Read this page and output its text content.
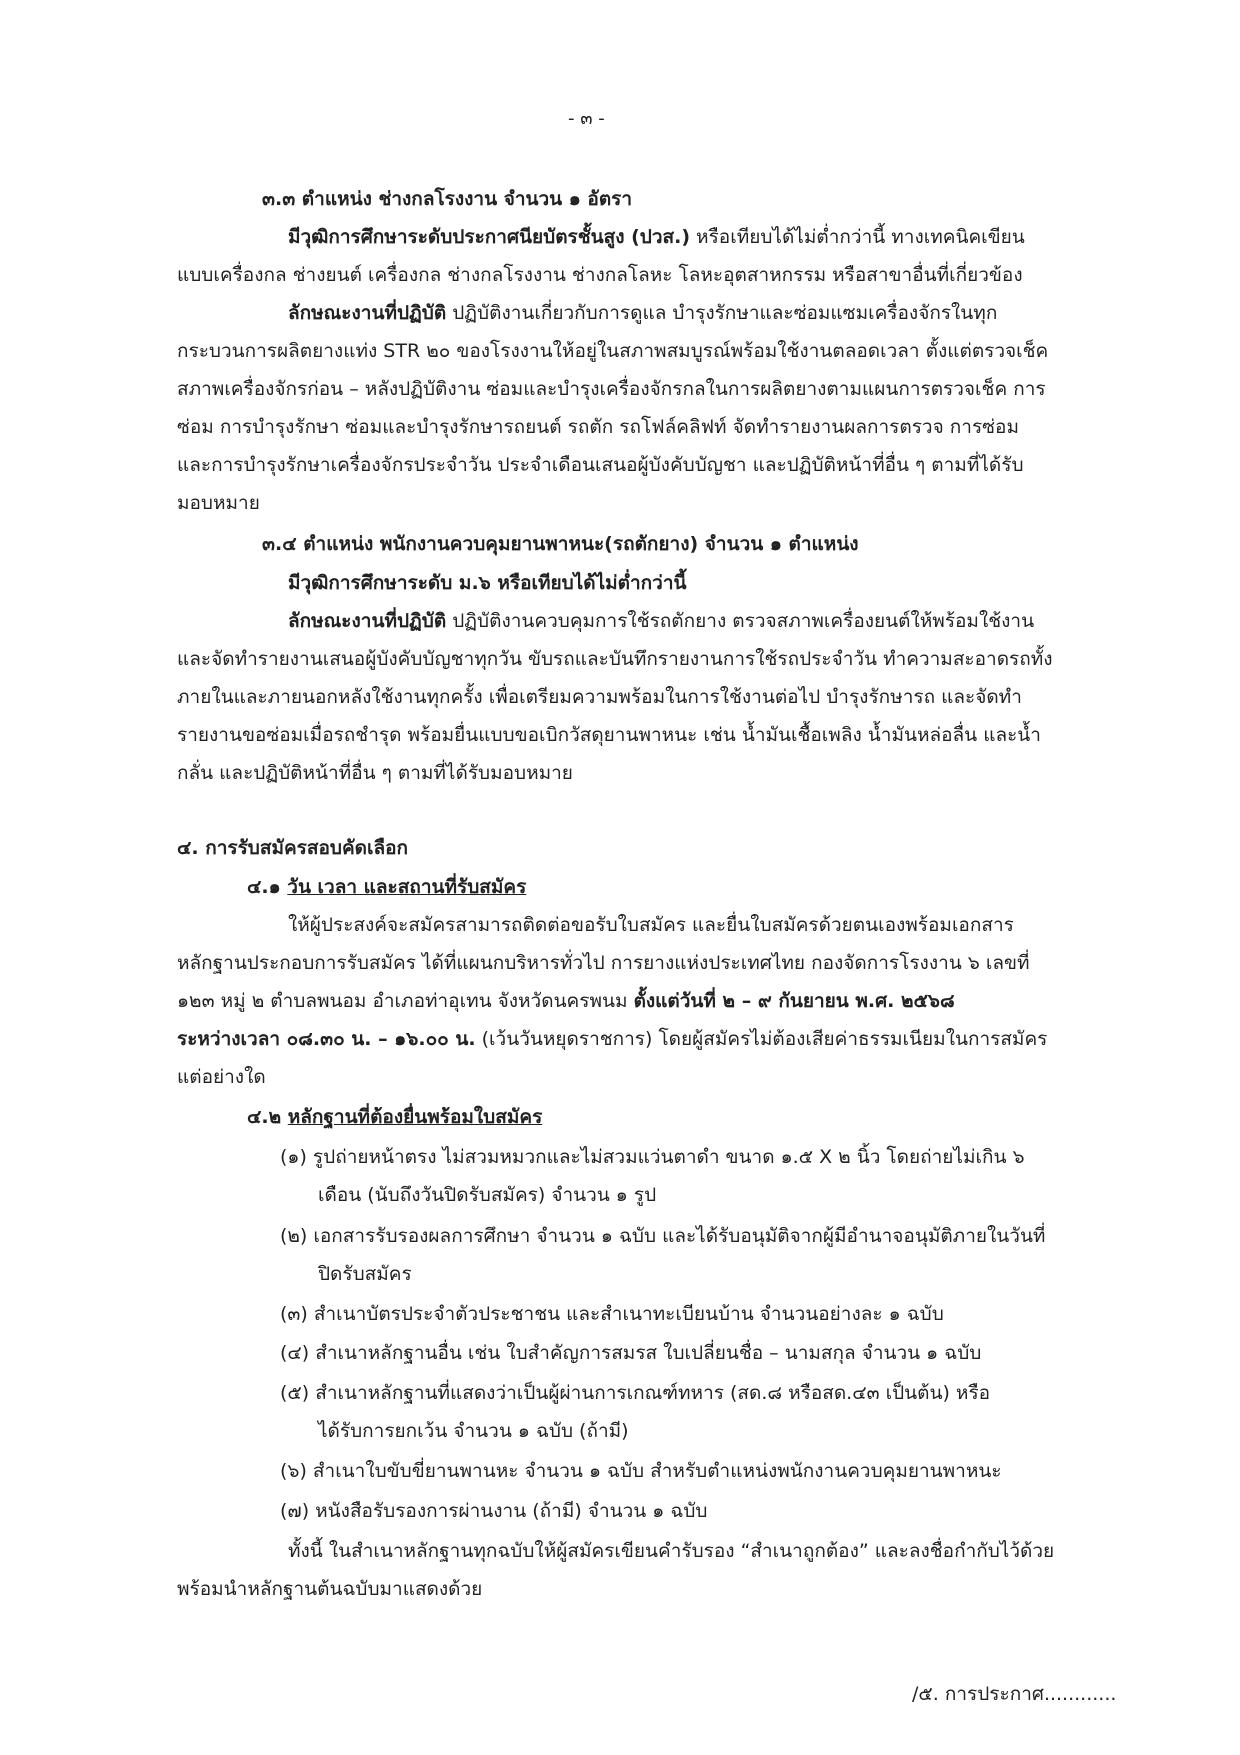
- ๓ -
๓.๓ ตำแหน่ง ช่างกลโรงงาน จำนวน ๑ อัตรา
มีวุฒิการศึกษาระดับประกาศนียบัตรชั้นสูง (ปวส.) หรือเทียบได้ไม่ต่ำกว่านี้ ทางเทคนิคเขียน
แบบเครื่องกล ช่างยนต์ เครื่องกล ช่างกลโรงงาน ช่างกลโลหะ โลหะอุตสาหกรรม หรือสาขาอื่นที่เกี่ยวข้อง
ลักษณะงานที่ปฏิบัติ ปฏิบัติงานเกี่ยวกับการดูแล บำรุงรักษาและซ่อมแซมเครื่องจักรในทุก
กระบวนการผลิตยางแท่ง STR ๒๐ ของโรงงานให้อยู่ในสภาพสมบูรณ์พร้อมใช้งานตลอดเวลา ตั้งแต่ตรวจเช็ค
สภาพเครื่องจักรก่อน – หลังปฏิบัติงาน ซ่อมและบำรุงเครื่องจักรกลในการผลิตยางตามแผนการตรวจเช็ค การ
ซ่อม การบำรุงรักษา ซ่อมและบำรุงรักษารถยนต์ รถตัก รถโฟล์คลิฟท์ จัดทำรายงานผลการตรวจ การซ่อม
และการบำรุงรักษาเครื่องจักรประจำวัน ประจำเดือนเสนอผู้บังคับบัญชา และปฏิบัติหน้าที่อื่น ๆ ตามที่ได้รับ
มอบหมาย
๓.๔ ตำแหน่ง พนักงานควบคุมยานพาหนะ(รถตักยาง) จำนวน ๑ ตำแหน่ง
มีวุฒิการศึกษาระดับ ม.๖ หรือเทียบได้ไม่ต่ำกว่านี้
ลักษณะงานที่ปฏิบัติ ปฏิบัติงานควบคุมการใช้รถตักยาง ตรวจสภาพเครื่องยนต์ให้พร้อมใช้งาน
และจัดทำรายงานเสนอผู้บังคับบัญชาทุกวัน ขับรถและบันทึกรายงานการใช้รถประจำวัน ทำความสะอาดรถทั้ง
ภายในและภายนอกหลังใช้งานทุกครั้ง เพื่อเตรียมความพร้อมในการใช้งานต่อไป บำรุงรักษารถ และจัดทำ
รายงานขอซ่อมเมื่อรถชำรุด พร้อมยื่นแบบขอเบิกวัสดุยานพาหนะ เช่น น้ำมันเชื้อเพลิง น้ำมันหล่อลื่น และน้ำ
กลั่น และปฏิบัติหน้าที่อื่น ๆ ตามที่ได้รับมอบหมาย
๔. การรับสมัครสอบคัดเลือก
๔.๑ วัน เวลา และสถานที่รับสมัคร
ให้ผู้ประสงค์จะสมัครสามารถติดต่อขอรับใบสมัคร และยื่นใบสมัครด้วยตนเองพร้อมเอกสาร
หลักฐานประกอบการรับสมัคร ได้ที่แผนกบริหารทั่วไป การยางแห่งประเทศไทย กองจัดการโรงงาน ๖ เลขที่
๑๒๓ หมู่ ๒ ตำบลพนอม อำเภอท่าอุเทน จังหวัดนครพนม ตั้งแต่วันที่ ๒ – ๙ กันยายน พ.ศ. ๒๕๖๘
ระหว่างเวลา ๐๘.๓๐ น. – ๑๖.๐๐ น. (เว้นวันหยุดราชการ) โดยผู้สมัครไม่ต้องเสียค่าธรรมเนียมในการสมัคร
แต่อย่างใด
๔.๒ หลักฐานที่ต้องยื่นพร้อมใบสมัคร
(๑) รูปถ่ายหน้าตรง ไม่สวมหมวกและไม่สวมแว่นตาดำ ขนาด ๑.๕ X ๒ นิ้ว โดยถ่ายไม่เกิน ๖
เดือน (นับถึงวันปิดรับสมัคร) จำนวน ๑ รูป
(๒) เอกสารรับรองผลการศึกษา จำนวน ๑ ฉบับ และได้รับอนุมัติจากผู้มีอำนาจอนุมัติภายในวันที่
ปิดรับสมัคร
(๓) สำเนาบัตรประจำตัวประชาชน และสำเนาทะเบียนบ้าน จำนวนอย่างละ ๑ ฉบับ
(๔) สำเนาหลักฐานอื่น เช่น ใบสำคัญการสมรส ใบเปลี่ยนชื่อ – นามสกุล จำนวน ๑ ฉบับ
(๕) สำเนาหลักฐานที่แสดงว่าเป็นผู้ผ่านการเกณฑ์ทหาร (สด.๘ หรือสด.๔๓ เป็นต้น) หรือ
ได้รับการยกเว้น จำนวน ๑ ฉบับ (ถ้ามี)
(๖) สำเนาใบขับขี่ยานพานหะ จำนวน ๑ ฉบับ สำหรับตำแหน่งพนักงานควบคุมยานพาหนะ
(๗) หนังสือรับรองการผ่านงาน (ถ้ามี) จำนวน ๑ ฉบับ
ทั้งนี้ ในสำเนาหลักฐานทุกฉบับให้ผู้สมัครเขียนคำรับรอง “สำเนาถูกต้อง” และลงชื่อกำกับไว้ด้วย
พร้อมนำหลักฐานต้นฉบับมาแสดงด้วย
/๕. การประกาศ............
